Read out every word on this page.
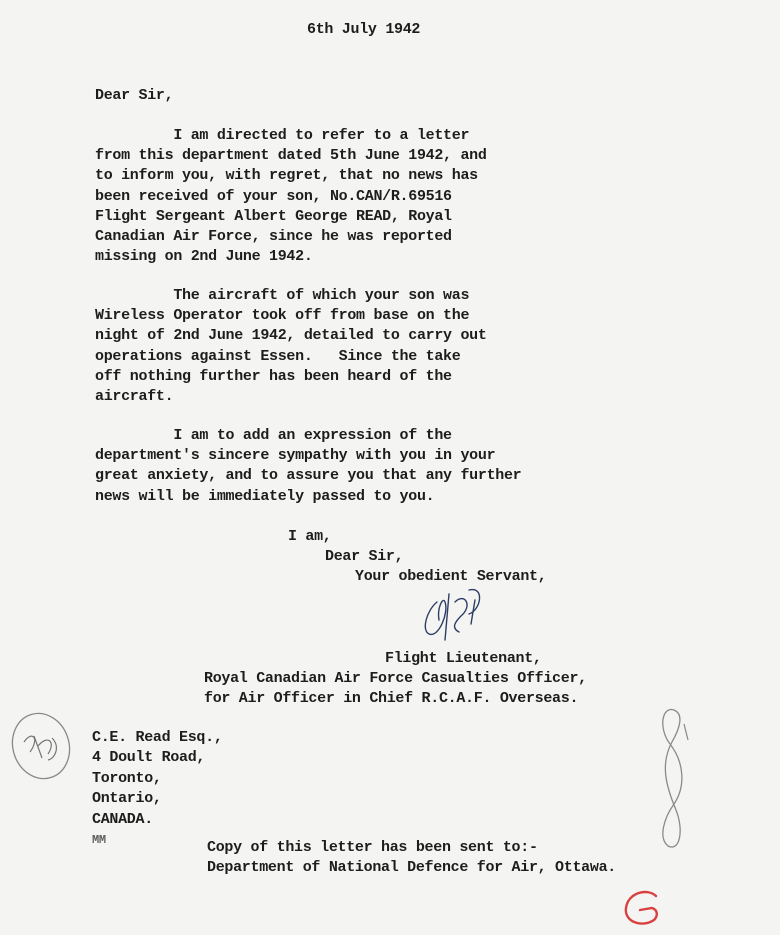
6th July 1942
Dear Sir,
I am directed to refer to a letter
from this department dated 5th June 1942, and
to inform you, with regret, that no news has
been received of your son, No.CAN/R.69516
Flight Sergeant Albert George READ, Royal
Canadian Air Force, since he was reported
missing on 2nd June 1942.
The aircraft of which your son was
Wireless Operator took off from base on the
night of 2nd June 1942, detailed to carry out
operations against Essen.   Since the take
off nothing further has been heard of the
aircraft.
I am to add an expression of the
department's sincere sympathy with you in your
great anxiety, and to assure you that any further
news will be immediately passed to you.
I am,
Dear Sir,
Your obedient Servant,
Flight Lieutenant,
Royal Canadian Air Force Casualties Officer,
for Air Officer in Chief R.C.A.F. Overseas.
C.E. Read Esq.,
4 Doult Road,
Toronto,
Ontario,
CANADA.
MM	Copy of this letter has been sent to:-
Department of National Defence for Air, Ottawa.
